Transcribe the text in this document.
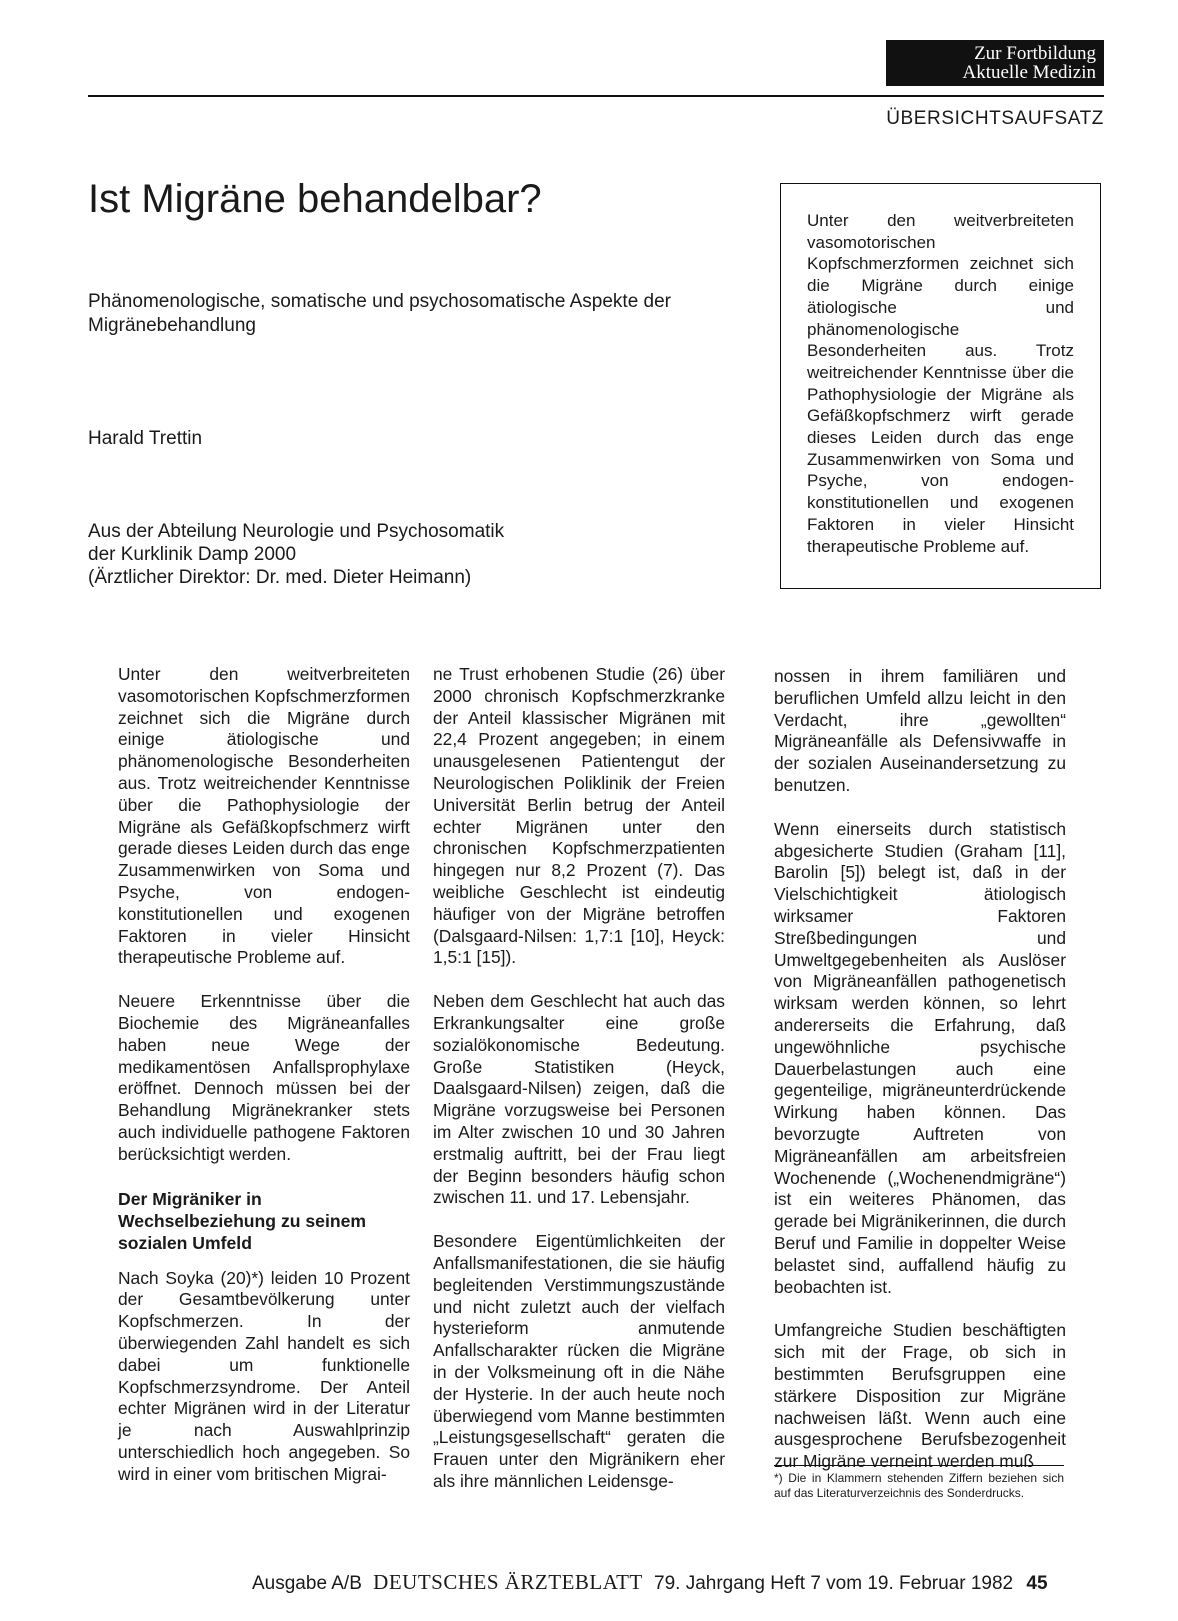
Zur Fortbildung
Aktuelle Medizin
ÜBERSICHTSAUFSATZ
Ist Migräne behandelbar?
Phänomenologische, somatische und psychosomatische Aspekte der Migränebehandlung
Harald Trettin
Aus der Abteilung Neurologie und Psychosomatik
der Kurklinik Damp 2000
(Ärztlicher Direktor: Dr. med. Dieter Heimann)
Unter den weitverbreiteten vasomotorischen Kopfschmerzformen zeichnet sich die Migräne durch einige ätiologische und phänomenologische Besonderheiten aus. Trotz weitreichender Kenntnisse über die Pathophysiologie der Migräne als Gefäßkopfschmerz wirft gerade dieses Leiden durch das enge Zusammenwirken von Soma und Psyche, von endogen-konstitutionellen und exogenen Faktoren in vieler Hinsicht therapeutische Probleme auf.

Unter den weitverbreiteten vasomotorischen Kopfschmerzformen zeichnet sich die Migräne durch einige ätiologische und phänomenologische Besonderheiten aus. Trotz weitreichender Kenntnisse über die Pathophysiologie der Migräne als Gefäßkopfschmerz wirft gerade dieses Leiden durch das enge Zusammenwirken von Soma und Psyche, von endogen-konstitutionellen und exogenen Faktoren in vieler Hinsicht therapeutische Probleme auf.

Neuere Erkenntnisse über die Biochemie des Migräneanfalles haben neue Wege der medikamentösen Anfallsprophylaxe eröffnet. Dennoch müssen bei der Behandlung Migränekranker stets auch individuelle pathogene Faktoren berücksichtigt werden.

Der Migräniker in Wechselbeziehung zu seinem sozialen Umfeld

Nach Soyka (20)*) leiden 10 Prozent der Gesamtbevölkerung unter Kopfschmerzen. In der überwiegenden Zahl handelt es sich dabei um funktionelle Kopfschmerzsyndrome. Der Anteil echter Migränen wird in der Literatur je nach Auswahlprinzip unterschiedlich hoch angegeben. So wird in einer vom britischen Migrai-

ne Trust erhobenen Studie (26) über 2000 chronisch Kopfschmerzkranke der Anteil klassischer Migränen mit 22,4 Prozent angegeben; in einem unausgelesenen Patientengut der Neurologischen Poliklinik der Freien Universität Berlin betrug der Anteil echter Migränen unter den chronischen Kopfschmerzpatienten hingegen nur 8,2 Prozent (7). Das weibliche Geschlecht ist eindeutig häufiger von der Migräne betroffen (Dalsgaard-Nilsen: 1,7:1 [10], Heyck: 1,5:1 [15]).

Neben dem Geschlecht hat auch das Erkrankungsalter eine große sozialökonomische Bedeutung. Große Statistiken (Heyck, Daalsgaard-Nilsen) zeigen, daß die Migräne vorzugsweise bei Personen im Alter zwischen 10 und 30 Jahren erstmalig auftritt, bei der Frau liegt der Beginn besonders häufig schon zwischen 11. und 17. Lebensjahr.

Besondere Eigentümlichkeiten der Anfallsmanifestationen, die sie häufig begleitenden Verstimmungszustände und nicht zuletzt auch der vielfach hysterieform anmutende Anfallscharakter rücken die Migräne in der Volksmeinung oft in die Nähe der Hysterie. In der auch heute noch überwiegend vom Manne bestimmten „Leistungsgesellschaft“ geraten die Frauen unter den Migränikern eher als ihre männlichen Leidensge-

nossen in ihrem familiären und beruflichen Umfeld allzu leicht in den Verdacht, ihre „gewollten“ Migräneanfälle als Defensivwaffe in der sozialen Auseinandersetzung zu benutzen.

Wenn einerseits durch statistisch abgesicherte Studien (Graham [11], Barolin [5]) belegt ist, daß in der Vielschichtigkeit ätiologisch wirksamer Faktoren Streßbedingungen und Umweltgegebenheiten als Auslöser von Migräneanfällen pathogenetisch wirksam werden können, so lehrt andererseits die Erfahrung, daß ungewöhnliche psychische Dauerbelastungen auch eine gegenteilige, migräneunterdrückende Wirkung haben können. Das bevorzugte Auftreten von Migräneanfällen am arbeitsfreien Wochenende („Wochenendmigräne“) ist ein weiteres Phänomen, das gerade bei Migränikerinnen, die durch Beruf und Familie in doppelter Weise belastet sind, auffallend häufig zu beobachten ist.

Umfangreiche Studien beschäftigten sich mit der Frage, ob sich in bestimmten Berufsgruppen eine stärkere Disposition zur Migräne nachweisen läßt. Wenn auch eine ausgesprochene Berufsbezogenheit zur Migräne verneint werden muß

*) Die in Klammern stehenden Ziffern beziehen sich auf das Literaturverzeichnis des Sonderdrucks.
Ausgabe A/B DEUTSCHES ÄRZTEBLATT 79. Jahrgang Heft 7 vom 19. Februar 1982 45
